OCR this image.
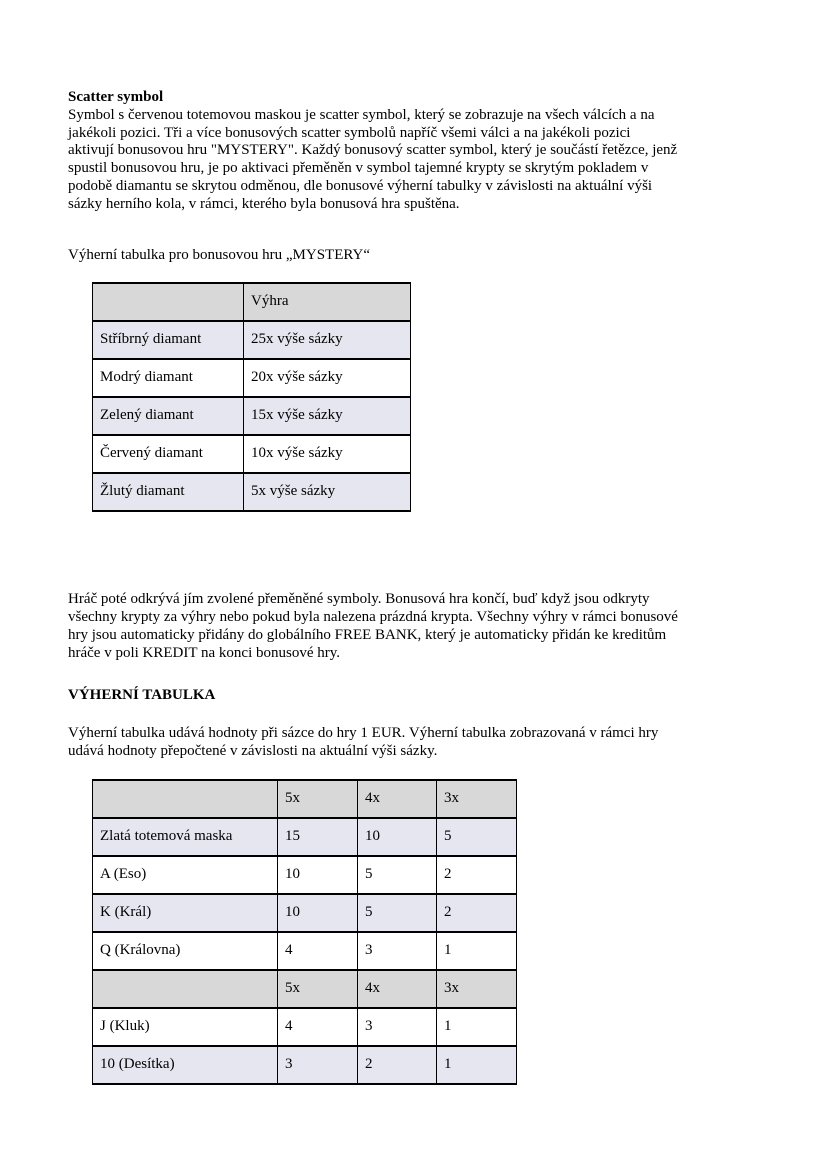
Scatter symbol
Symbol s červenou totemovou maskou je scatter symbol, který se zobrazuje na všech válcích a na
jakékoli pozici. Tři a více bonusových scatter symbolů napříč všemi válci a na jakékoli pozici
aktivují bonusovou hru "MYSTERY". Každý bonusový scatter symbol, který je součástí řetězce, jenž
spustil bonusovou hru, je po aktivaci přeměněn v symbol tajemné krypty se skrytým pokladem v
podobě diamantu se skrytou odměnou, dle bonusové výherní tabulky v závislosti na aktuální výši
sázky herního kola, v rámci, kterého byla bonusová hra spuštěna.
Výherní tabulka pro bonusovou hru „MYSTERY“
	Výhra
Stříbrný diamant	25x výše sázky
Modrý diamant	20x výše sázky
Zelený diamant	15x výše sázky
Červený diamant	10x výše sázky
Žlutý diamant	5x výše sázky
Hráč poté odkrývá jím zvolené přeměněné symboly. Bonusová hra končí, buď když jsou odkryty
všechny krypty za výhry nebo pokud byla nalezena prázdná krypta. Všechny výhry v rámci bonusové
hry jsou automaticky přidány do globálního FREE BANK, který je automaticky přidán ke kreditům
hráče v poli KREDIT na konci bonusové hry.
VÝHERNÍ TABULKA
Výherní tabulka udává hodnoty při sázce do hry 1 EUR. Výherní tabulka zobrazovaná v rámci hry
udává hodnoty přepočtené v závislosti na aktuální výši sázky.
	5x	4x	3x
Zlatá totemová maska	15	10	5
A (Eso)	10	5	2
K (Král)	10	5	2
Q (Královna)	4	3	1
	5x	4x	3x
J (Kluk)	4	3	1
10 (Desítka)	3	2	1
